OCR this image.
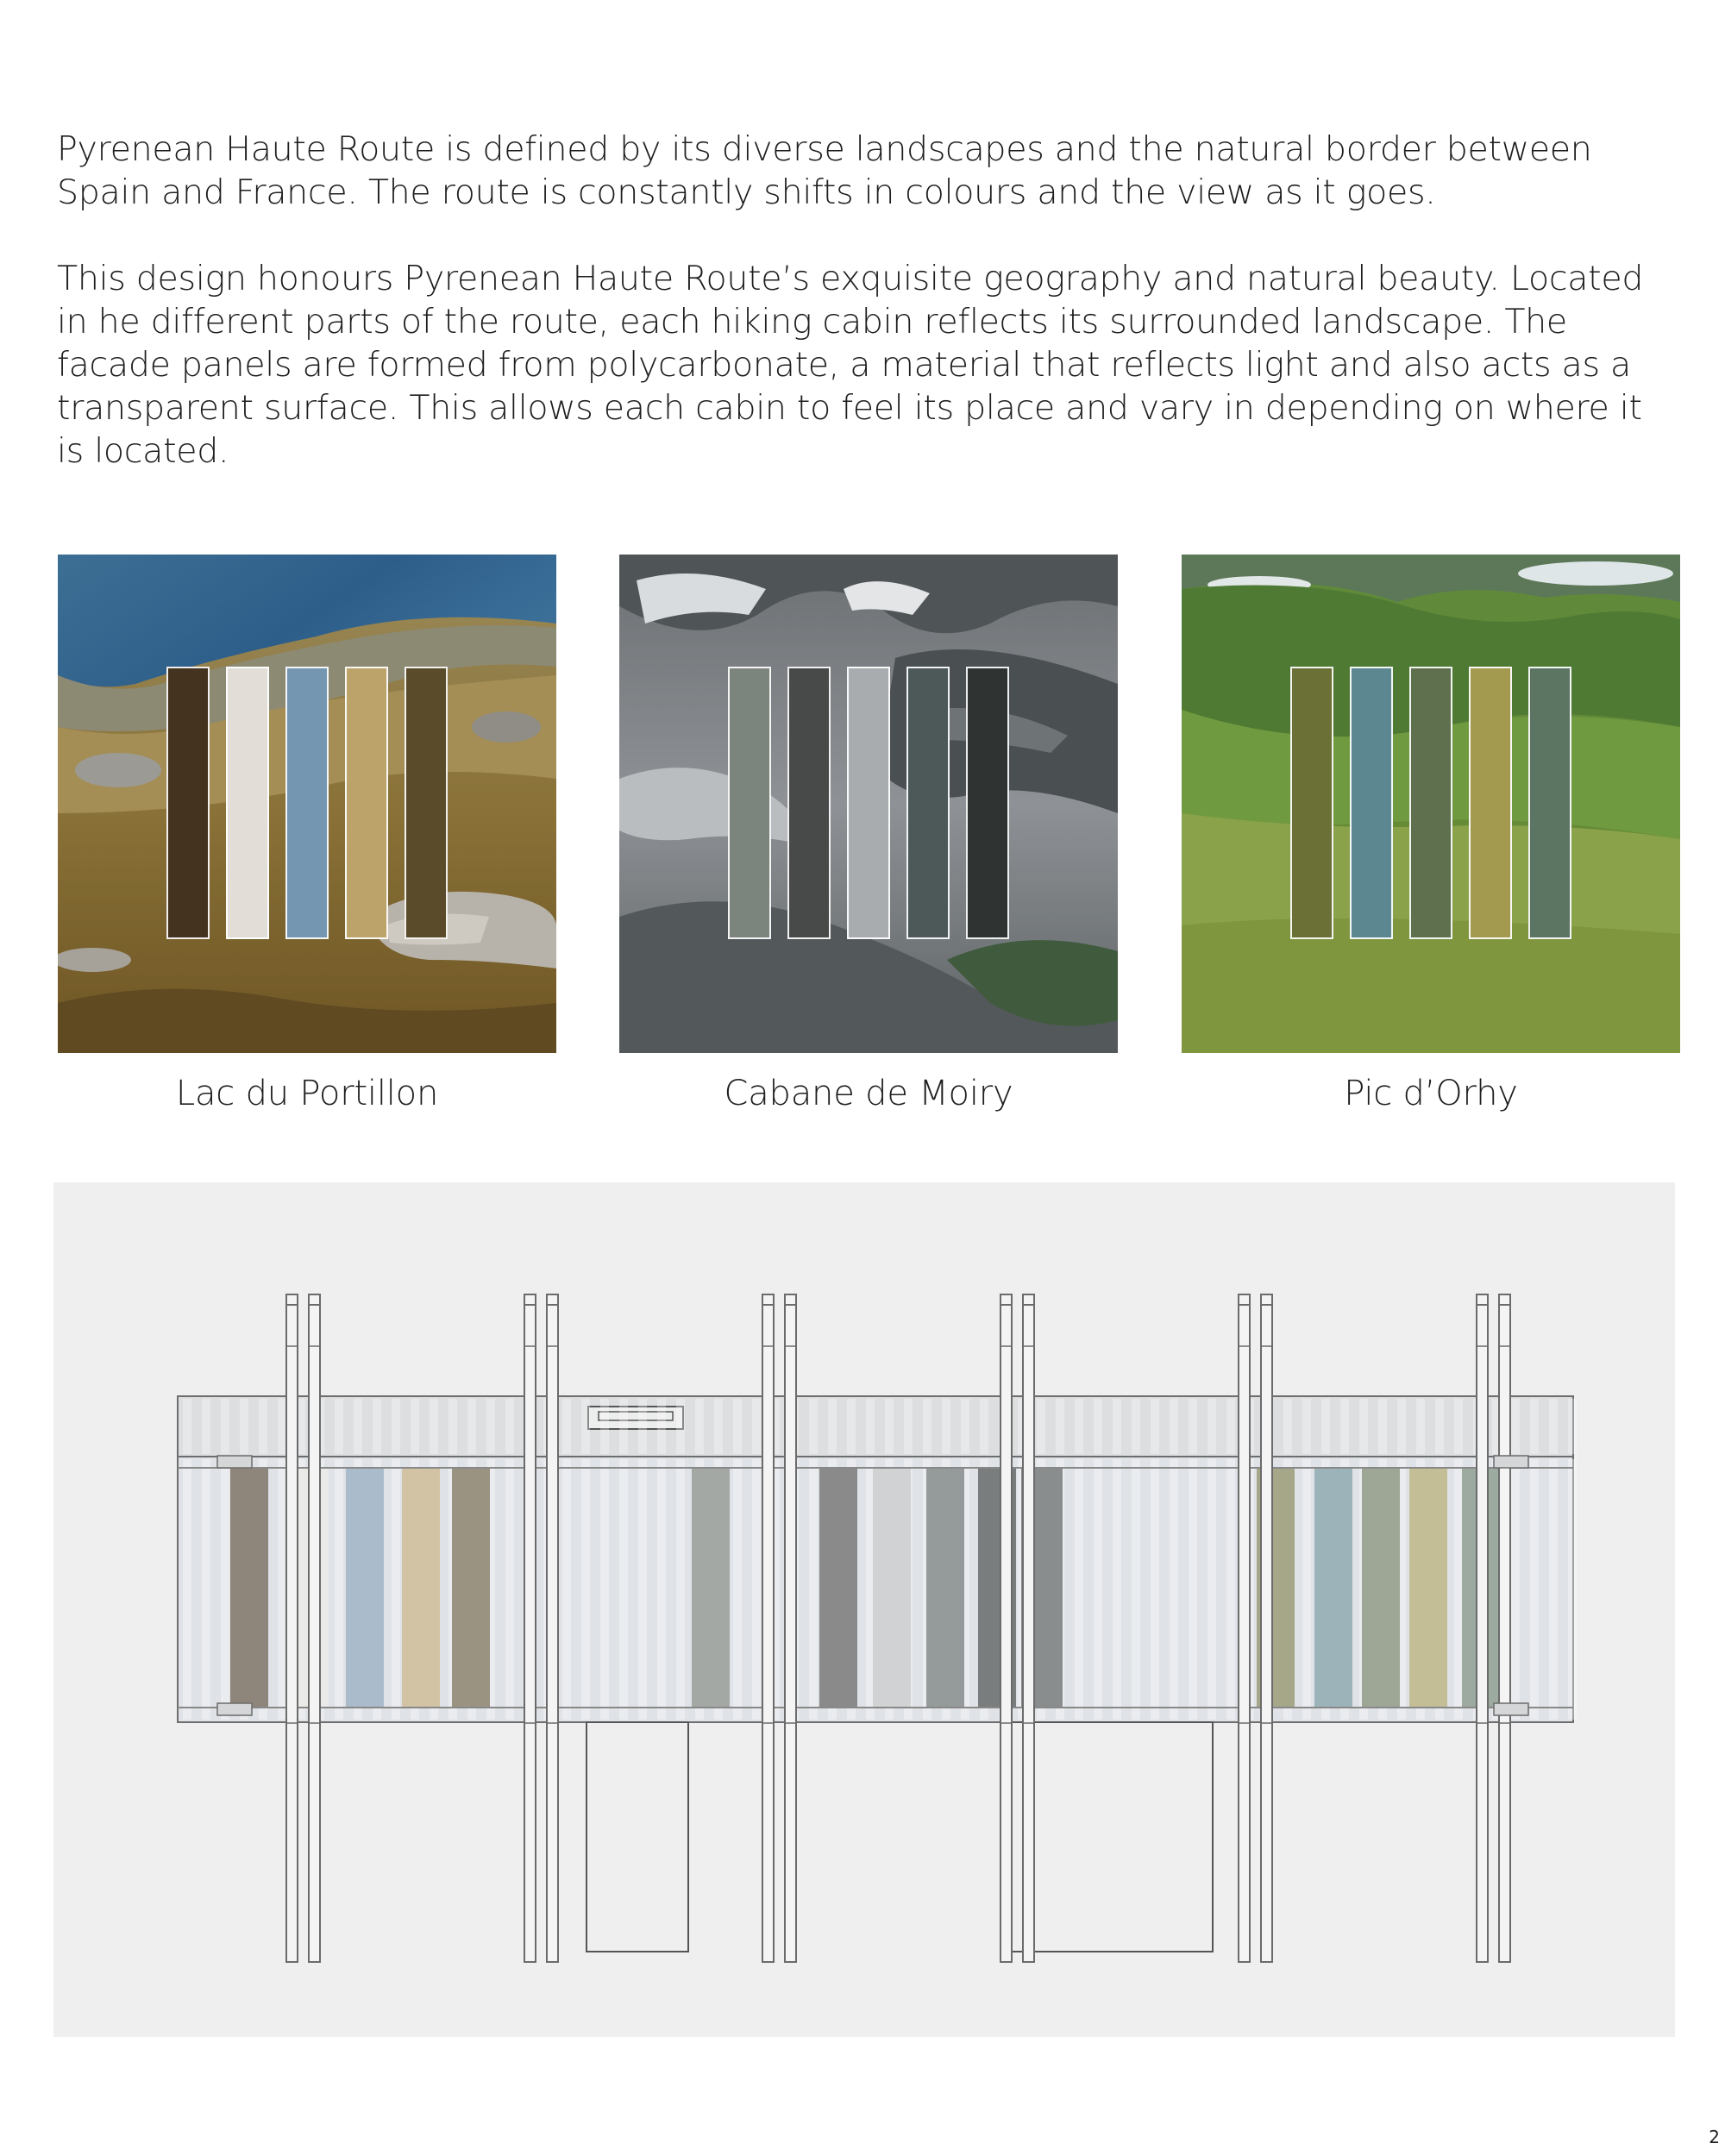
Pyrenean Haute Route is defined by its diverse landscapes and the natural border between Spain and France. The route is constantly shifts in colours and the view as it goes.

This design honours Pyrenean Haute Route’s exquisite geography and natural beauty. Located in he different parts of the route, each hiking cabin reflects its surrounded landscape. The facade panels are formed from polycarbonate, a material that reflects light and also acts as a transparent surface. This allows each cabin to feel its place and vary in depending on where it is located.

Lac du Portillon	Cabane de Moiry	Pic d’Orhy
2
